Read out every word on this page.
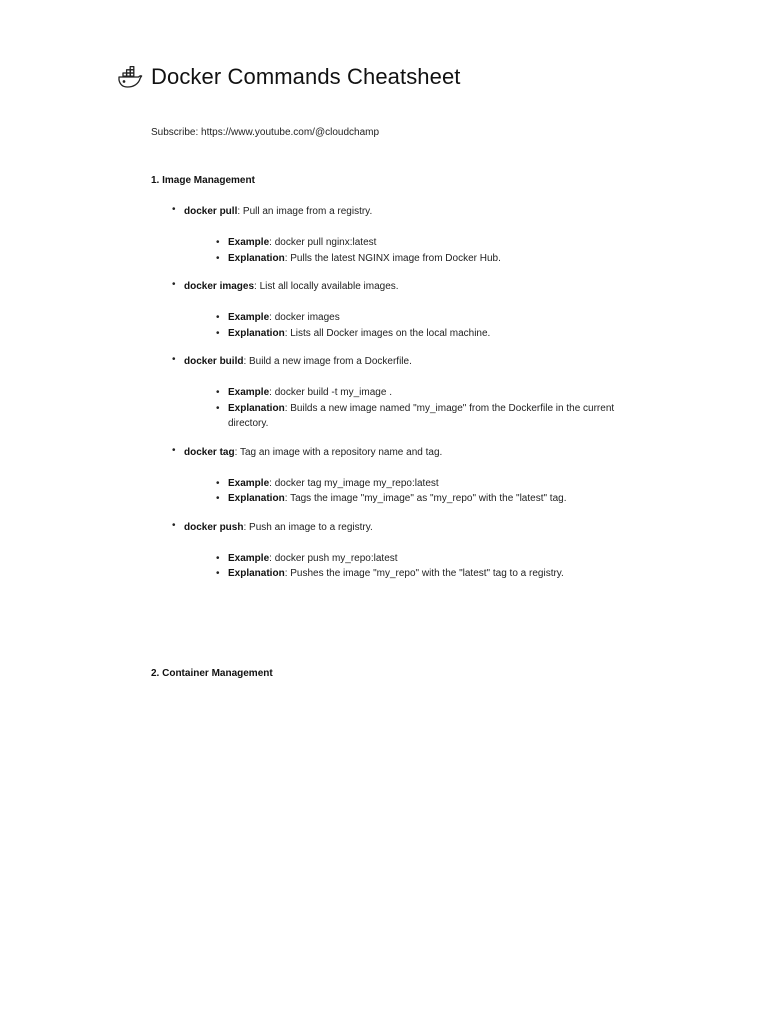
Docker Commands Cheatsheet
Subscribe: https://www.youtube.com/@cloudchamp
1. Image Management
• docker pull: Pull an image from a registry.
• Example: docker pull nginx:latest
• Explanation: Pulls the latest NGINX image from Docker Hub.
• docker images: List all locally available images.
• Example: docker images
• Explanation: Lists all Docker images on the local machine.
• docker build: Build a new image from a Dockerfile.
• Example: docker build -t my_image .
• Explanation: Builds a new image named "my_image" from the Dockerfile in the current directory.
• docker tag: Tag an image with a repository name and tag.
• Example: docker tag my_image my_repo:latest
• Explanation: Tags the image "my_image" as "my_repo" with the "latest" tag.
• docker push: Push an image to a registry.
• Example: docker push my_repo:latest
• Explanation: Pushes the image "my_repo" with the "latest" tag to a registry.
2. Container Management
